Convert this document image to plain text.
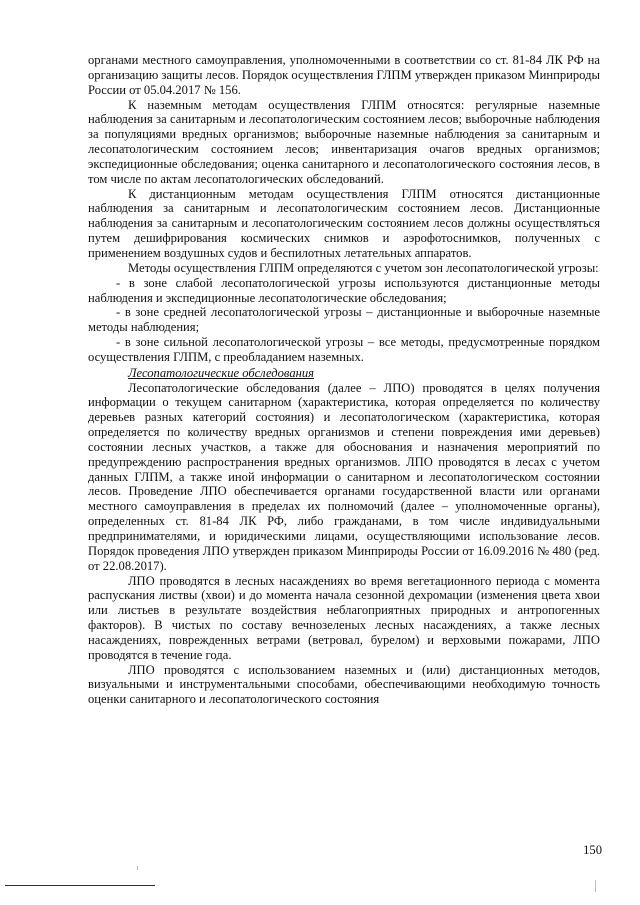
органами местного самоуправления, уполномоченными в соответствии со ст. 81-84 ЛК РФ на организацию защиты лесов. Порядок осуществления ГЛПМ утвержден приказом Минприроды России от 05.04.2017 № 156.

К наземным методам осуществления ГЛПМ относятся: регулярные наземные наблюдения за санитарным и лесопатологическим состоянием лесов; выборочные наблюдения за популяциями вредных организмов; выборочные наземные наблюдения за санитарным и лесопатологическим состоянием лесов; инвентаризация очагов вредных организмов; экспедиционные обследования; оценка санитарного и лесопатологического состояния лесов, в том числе по актам лесопатологических обследований.

К дистанционным методам осуществления ГЛПМ относятся дистанционные наблюдения за санитарным и лесопатологическим состоянием лесов. Дистанционные наблюдения за санитарным и лесопатологическим состоянием лесов должны осуществляться путем дешифрирования космических снимков и аэрофотоснимков, полученных с применением воздушных судов и беспилотных летательных аппаратов.

Методы осуществления ГЛПМ определяются с учетом зон лесопатологической угрозы:

- в зоне слабой лесопатологической угрозы используются дистанционные методы наблюдения и экспедиционные лесопатологические обследования;

- в зоне средней лесопатологической угрозы – дистанционные и выборочные наземные методы наблюдения;

- в зоне сильной лесопатологической угрозы – все методы, предусмотренные порядком осуществления ГЛПМ, с преобладанием наземных.

Лесопатологические обследования

Лесопатологические обследования (далее – ЛПО) проводятся в целях получения информации о текущем санитарном (характеристика, которая определяется по количеству деревьев разных категорий состояния) и лесопатологическом (характеристика, которая определяется по количеству вредных организмов и степени повреждения ими деревьев) состоянии лесных участков, а также для обоснования и назначения мероприятий по предупреждению распространения вредных организмов. ЛПО проводятся в лесах с учетом данных ГЛПМ, а также иной информации о санитарном и лесопатологическом состоянии лесов. Проведение ЛПО обеспечивается органами государственной власти или органами местного самоуправления в пределах их полномочий (далее – уполномоченные органы), определенных ст. 81-84 ЛК РФ, либо гражданами, в том числе индивидуальными предпринимателями, и юридическими лицами, осуществляющими использование лесов. Порядок проведения ЛПО утвержден приказом Минприроды России от 16.09.2016 № 480 (ред. от 22.08.2017).

ЛПО проводятся в лесных насаждениях во время вегетационного периода с момента распускания листвы (хвои) и до момента начала сезонной дехромации (изменения цвета хвои или листьев в результате воздействия неблагоприятных природных и антропогенных факторов). В чистых по составу вечнозеленых лесных насаждениях, а также лесных насаждениях, поврежденных ветрами (ветровал, бурелом) и верховыми пожарами, ЛПО проводятся в течение года.

ЛПО проводятся с использованием наземных и (или) дистанционных методов, визуальными и инструментальными способами, обеспечивающими необходимую точность оценки санитарного и лесопатологического состояния

150
